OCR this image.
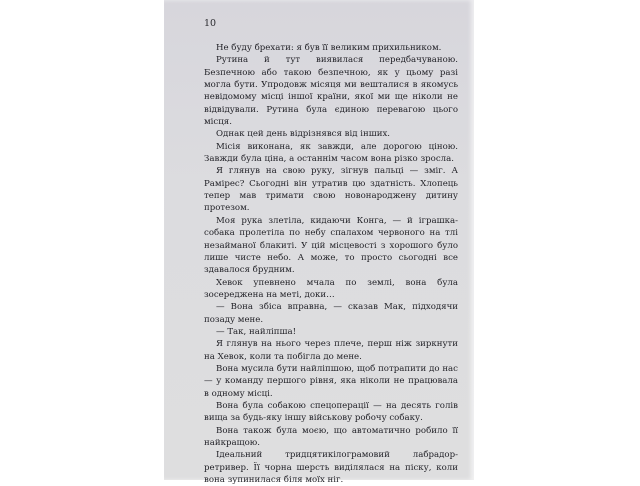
10

Не буду брехати: я був її великим прихильником.

Рутина й тут виявилася передбачуваною. Безпечною або такою безпечною, як у цьому разі могла бути. Упродовж місяця ми вешталися в якомусь невідомому місці іншої країни, якої ми ще ніколи не відвідували. Рутина була єдиною перевагою цього місця.

Однак цей день відрізнявся від інших.

Місія виконана, як завжди, але дорогою ціною. Завжди була ціна, а останнім часом вона різко зросла.

Я глянув на свою руку, зігнув пальці — зміг. А Рамірес? Сьогодні він утратив цю здатність. Хлопець тепер мав тримати свою новонароджену дитину протезом.

Моя рука злетіла, кидаючи Конга, — й іграшка-собака пролетіла по небу спалахом червоного на тлі незайманої блакиті. У цій місцевості з хорошого було лише чисте небо. А може, то просто сьогодні все здавалося брудним.

Хевок упевнено мчала по землі, вона була зосереджена на меті, доки…

— Вона збіса вправна, — сказав Мак, підходячи позаду мене.

— Так, найліпша!

Я глянув на нього через плече, перш ніж зиркнути на Хевок, коли та побігла до мене.

Вона мусила бути найліпшою, щоб потрапити до нас — у команду першого рівня, яка ніколи не працювала в одному місці.

Вона була собакою спецоперації — на десять голів вища за будь-яку іншу військову робочу собаку.

Вона також була моєю, що автоматично робило її найкращою.

Ідеальний тридцятикілограмовий лабрадор-ретривер. Її чорна шерсть виділялася на піску, коли вона зупинилася біля моїх ніг.
